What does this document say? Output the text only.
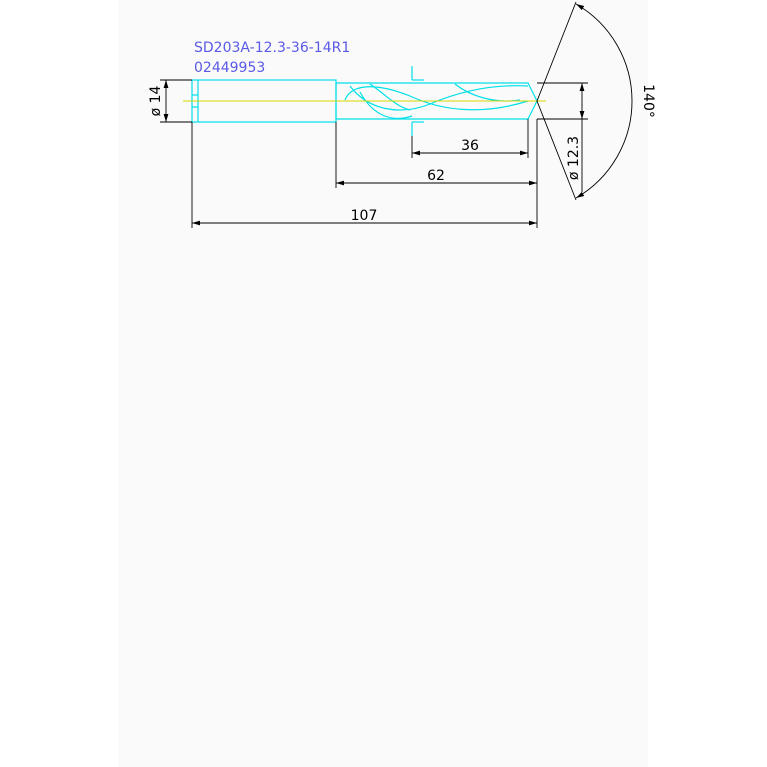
SD203A-12.3-36-14R1
02449953
ø 14
ø 12.3
36
62
107
140°
